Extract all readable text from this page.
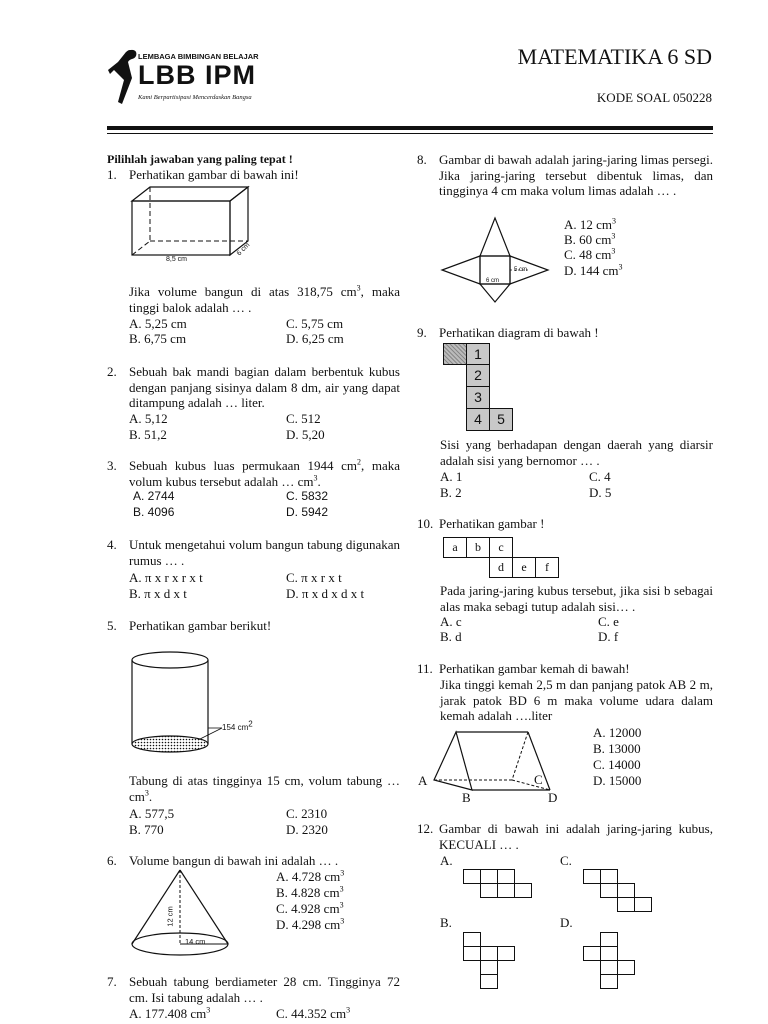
LEMBAGA BIMBINGAN BELAJAR
LBB IPM
Kami Berpartisipasi Mencerdaskan Bangsa
MATEMATIKA 6 SD
KODE SOAL 050228
Pilihlah jawaban yang paling tepat !
1. Perhatikan gambar di bawah ini!
8,5 cm
6 cm
Jika volume bangun di atas 318,75 $cm^3$, maka tinggi balok adalah … .
A. 5,25 cm	C. 5,75 cm
B. 6,75 cm	D. 6,25 cm
2. Sebuah bak mandi bagian dalam berbentuk kubus dengan panjang sisinya dalam 8 dm, air yang dapat ditampung adalah … liter.
A. 5,12	C. 512
B. 51,2	D. 5,20
3. Sebuah kubus luas permukaan 1944 $cm^2$, maka volum kubus tersebut adalah … $cm^3$.
A. 2744	C. 5832
B. 4096	D. 5942
4. Untuk mengetahui volum bangun tabung digunakan rumus … .
A. π x r x r x t	C. π x r x t
B. π x d x t	D. π x d x d x t
5. Perhatikan gambar berikut!
154 $cm^2$
Tabung di atas tingginya 15 cm, volum tabung … $cm^3$.
A. 577,5	C. 2310
B. 770	D. 2320
6. Volume bangun di bawah ini adalah … .
12 cm
14 cm
A. 4.728 $cm^3$
B. 4.828 $cm^3$
C. 4.928 $cm^3$
D. 4.298 $cm^3$
7. Sebuah tabung berdiameter 28 cm. Tingginya 72 cm. Isi tabung adalah … .
A. 177.408 $cm^3$	C. 44.352 $cm^3$
8. Gambar di bawah adalah jaring-jaring limas persegi. Jika jaring-jaring tersebut dibentuk limas, dan tingginya 4 cm maka volum limas adalah … .
6 cm
5 cm
A. 12 $cm^3$
B. 60 $cm^3$
C. 48 $cm^3$
D. 144 $cm^3$
9. Perhatikan diagram di bawah !
1
2
3
4	5
Sisi yang berhadapan dengan daerah yang diarsir adalah sisi yang bernomor … .
A. 1	C. 4
B. 2	D. 5
10. Perhatikan gambar !
a	b	c
d	e	f
Pada jaring-jaring kubus tersebut, jika sisi b sebagai alas maka sebagi tutup adalah sisi… .
A. c	C. e
B. d	D. f
11. Perhatikan gambar kemah di bawah!
Jika tinggi kemah 2,5 m dan panjang patok AB 2 m, jarak patok BD 6 m maka volume udara dalam kemah adalah ….liter
A
B
C
D
A. 12000
B. 13000
C. 14000
D. 15000
12. Gambar di bawah ini adalah jaring-jaring kubus, KECUALI … .
A.	C.
B.	D.
